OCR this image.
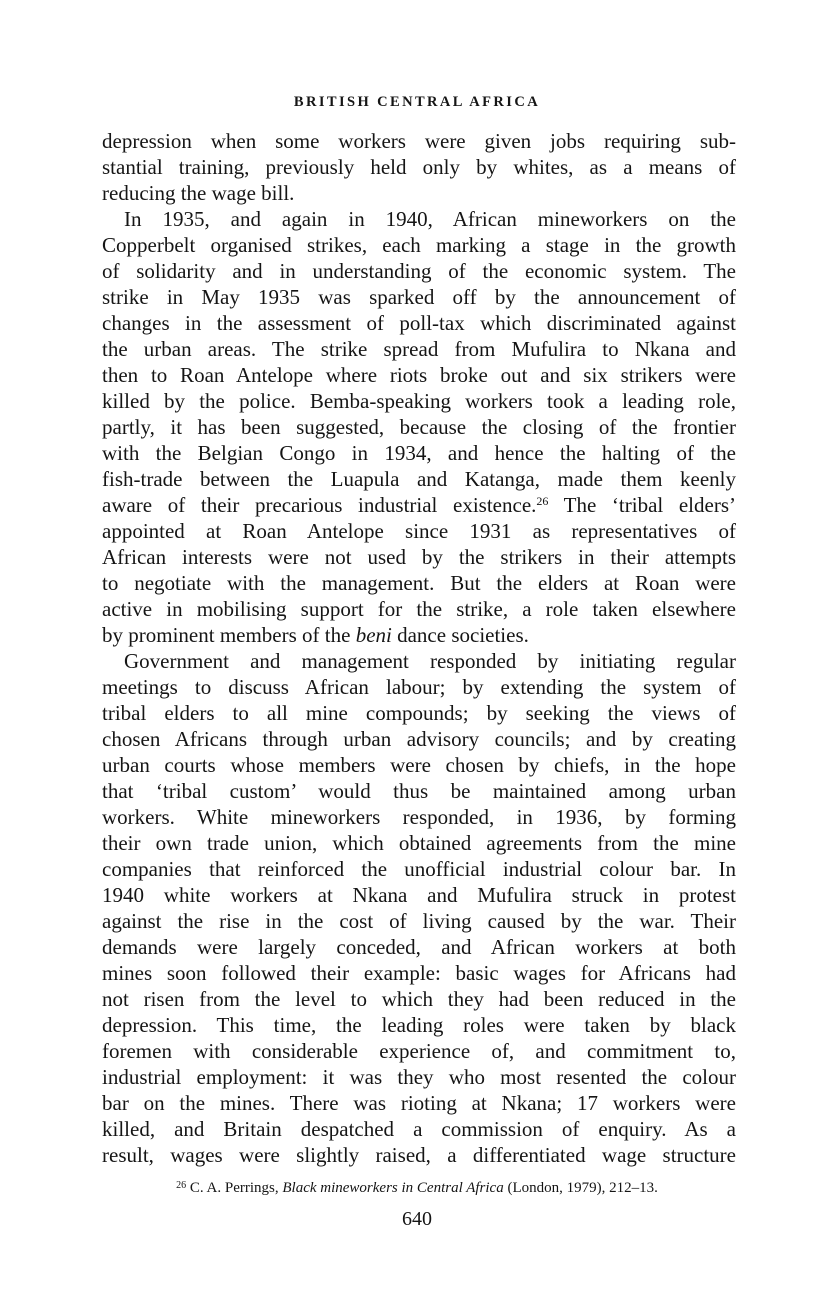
BRITISH CENTRAL AFRICA
depression when some workers were given jobs requiring sub-
stantial training, previously held only by whites, as a means of
reducing the wage bill.
In 1935, and again in 1940, African mineworkers on the
Copperbelt organised strikes, each marking a stage in the growth
of solidarity and in understanding of the economic system. The
strike in May 1935 was sparked off by the announcement of
changes in the assessment of poll-tax which discriminated against
the urban areas. The strike spread from Mufulira to Nkana and
then to Roan Antelope where riots broke out and six strikers were
killed by the police. Bemba-speaking workers took a leading role,
partly, it has been suggested, because the closing of the frontier
with the Belgian Congo in 1934, and hence the halting of the
fish-trade between the Luapula and Katanga, made them keenly
aware of their precarious industrial existence.$^{26}$ The ‘tribal elders’
appointed at Roan Antelope since 1931 as representatives of
African interests were not used by the strikers in their attempts
to negotiate with the management. But the elders at Roan were
active in mobilising support for the strike, a role taken elsewhere
by prominent members of the beni dance societies.
Government and management responded by initiating regular
meetings to discuss African labour; by extending the system of
tribal elders to all mine compounds; by seeking the views of
chosen Africans through urban advisory councils; and by creating
urban courts whose members were chosen by chiefs, in the hope
that ‘tribal custom’ would thus be maintained among urban
workers. White mineworkers responded, in 1936, by forming
their own trade union, which obtained agreements from the mine
companies that reinforced the unofficial industrial colour bar. In
1940 white workers at Nkana and Mufulira struck in protest
against the rise in the cost of living caused by the war. Their
demands were largely conceded, and African workers at both
mines soon followed their example: basic wages for Africans had
not risen from the level to which they had been reduced in the
depression. This time, the leading roles were taken by black
foremen with considerable experience of, and commitment to,
industrial employment: it was they who most resented the colour
bar on the mines. There was rioting at Nkana; 17 workers were
killed, and Britain despatched a commission of enquiry. As a
result, wages were slightly raised, a differentiated wage structure
$^{26}$ C. A. Perrings, Black mineworkers in Central Africa (London, 1979), 212–13.
640
